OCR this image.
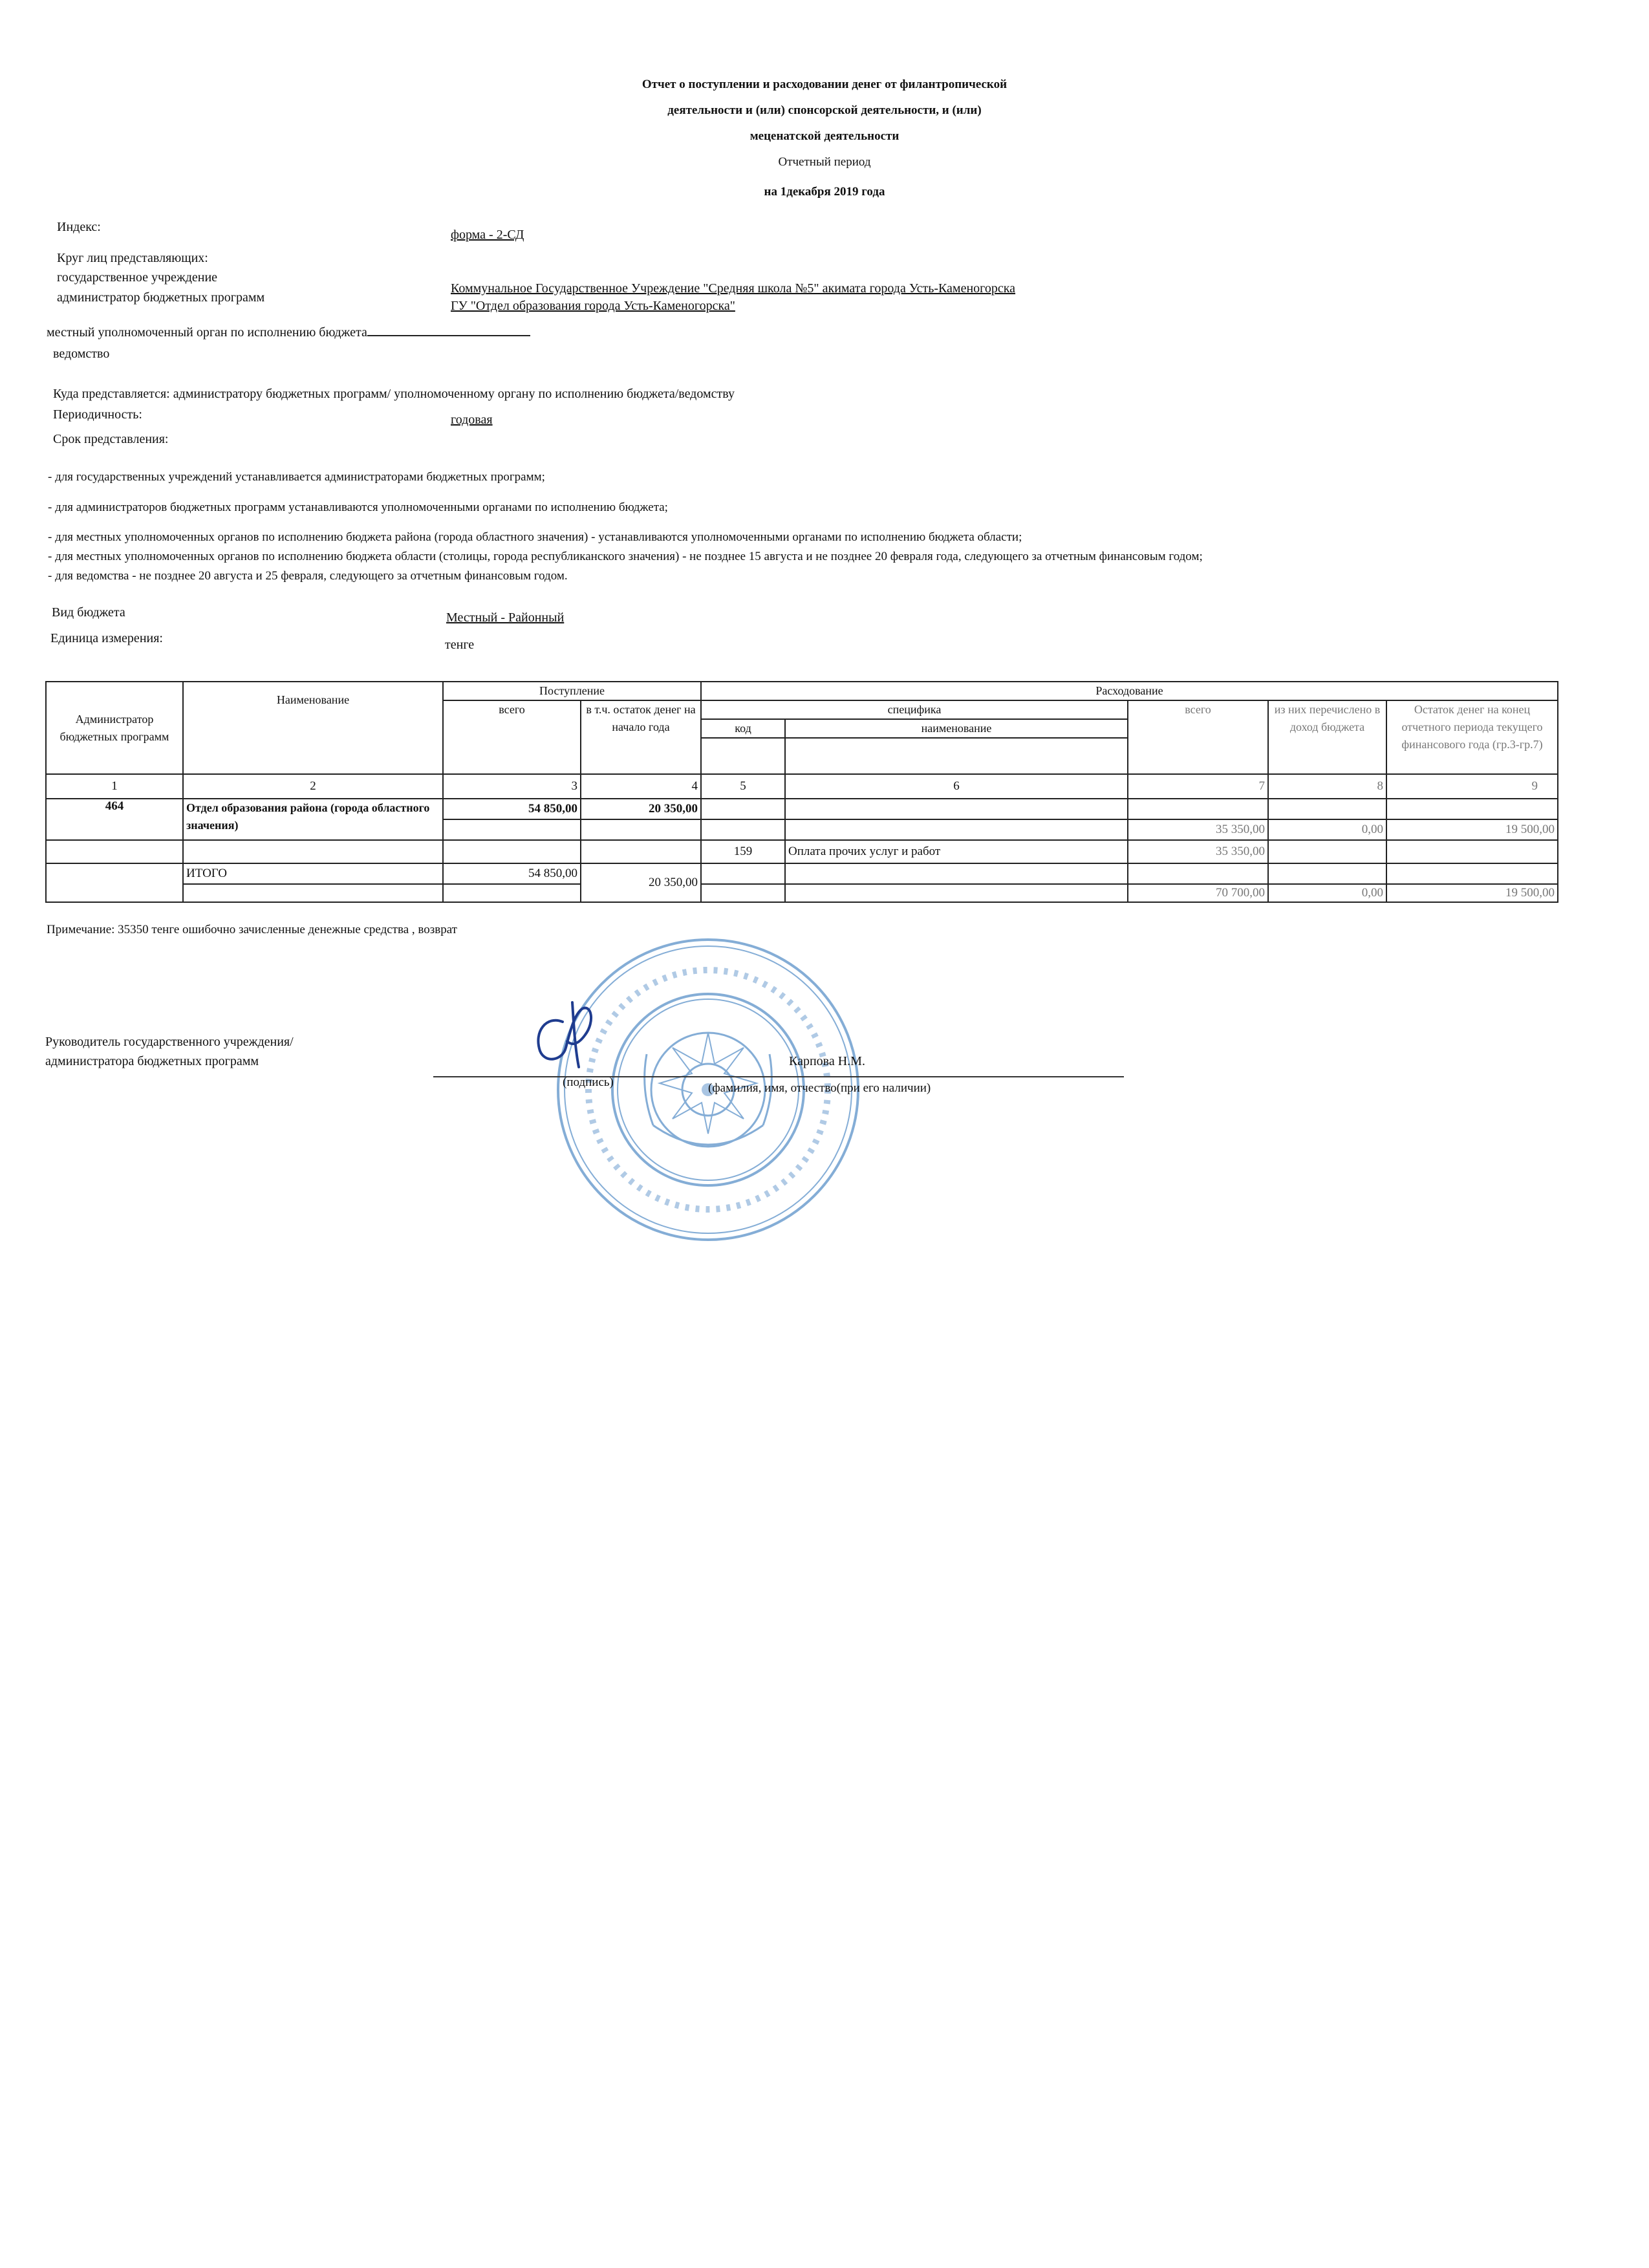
Отчет о поступлении и расходовании денег от филантропической
деятельности и (или) спонсорской деятельности, и (или)
меценатской деятельности
Отчетный период
на 1декабря 2019 года
Индекс:
форма - 2-СД
Круг лиц представляющих:
государственное учреждение
администратор бюджетных программ
Коммунальное Государственное Учреждение "Средняя школа №5" акимата города Усть-Каменогорска
ГУ "Отдел образования города Усть-Каменогорска"
местный уполномоченный орган по исполнению бюджета
ведомство
Куда представляется: администратору бюджетных программ/ уполномоченному органу по исполнению бюджета/ведомству
Периодичность:	годовая
Срок представления:
- для государственных учреждений устанавливается администраторами бюджетных программ;
- для администраторов бюджетных программ устанавливаются уполномоченными органами по исполнению бюджета;
- для местных уполномоченных органов по исполнению бюджета района (города областного значения) - устанавливаются уполномоченными органами по исполнению бюджета области;
- для местных уполномоченных органов по исполнению бюджета области (столицы, города республиканского значения) - не позднее 15 августа и не позднее 20 февраля года, следующего за отчетным финансовым годом;
- для ведомства - не позднее 20 августа и 25 февраля, следующего за отчетным финансовым годом.
Вид бюджета	Местный - Районный
Единица измерения:	тенге
Администратор бюджетных программ	Наименование	Поступление		Расходование				
		всего	в т.ч. остаток денег на начало года	специфика		всего	из них перечислено в доход бюджета	Остаток денег на конец отчетного периода текущего финансового года (гр.3-гр.7)
				код	наименование			

1	2	3	4	5	6	7	8	9
464	Отдел образования района (города областного значения)	54 850,00	20 350,00					
						35 350,00	0,00	19 500,00
				159	Оплата прочих услуг и работ	35 350,00		
	ИТОГО	54 850,00	20 350,00					
						70 700,00	0,00	19 500,00
Примечание: 35350 тенге ошибочно зачисленные денежные средства , возврат
Руководитель государственного учреждения/
администратора бюджетных программ	Карпова Н.М.
(подпись)	(фамилия, имя, отчество(при его наличии)
